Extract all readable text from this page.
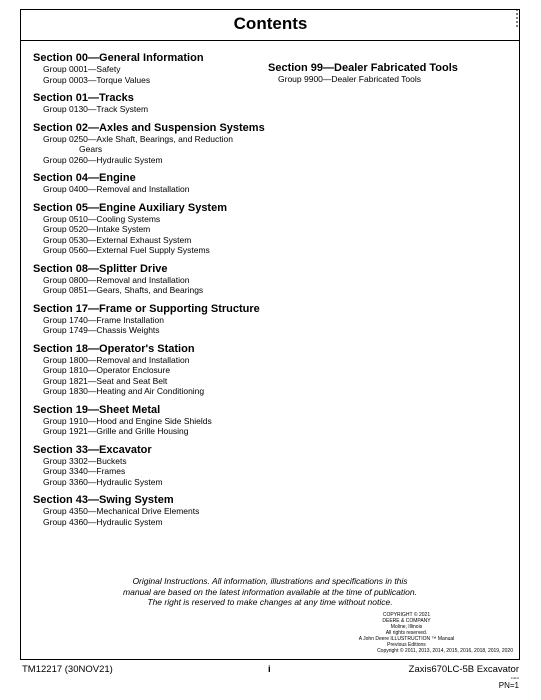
Contents
Section 00—General Information
Group 0001—Safety
Group 0003—Torque Values
Section 01—Tracks
Group 0130—Track System
Section 02—Axles and Suspension Systems
Group 0250—Axle Shaft, Bearings, and Reduction
Gears
Group 0260—Hydraulic System
Section 04—Engine
Group 0400—Removal and Installation
Section 05—Engine Auxiliary System
Group 0510—Cooling Systems
Group 0520—Intake System
Group 0530—External Exhaust System
Group 0560—External Fuel Supply Systems
Section 08—Splitter Drive
Group 0800—Removal and Installation
Group 0851—Gears, Shafts, and Bearings
Section 17—Frame or Supporting Structure
Group 1740—Frame Installation
Group 1749—Chassis Weights
Section 18—Operator's Station
Group 1800—Removal and Installation
Group 1810—Operator Enclosure
Group 1821—Seat and Seat Belt
Group 1830—Heating and Air Conditioning
Section 19—Sheet Metal
Group 1910—Hood and Engine Side Shields
Group 1921—Grille and Grille Housing
Section 33—Excavator
Group 3302—Buckets
Group 3340—Frames
Group 3360—Hydraulic System
Section 43—Swing System
Group 4350—Mechanical Drive Elements
Group 4360—Hydraulic System
Section 99—Dealer Fabricated Tools
Group 9900—Dealer Fabricated Tools
Original Instructions. All information, illustrations and specifications in this
manual are based on the latest information available at the time of publication.
The right is reserved to make changes at any time without notice.
COPYRIGHT © 2021
DEERE & COMPANY
Moline, Illinois
All rights reserved.
A John Deere ILLUSTRUCTION ™ Manual
Previous Editions
Copyright © 2011, 2013, 2014, 2015, 2016, 2018, 2019, 2020
TM12217 (30NOV21)	i	Zaxis670LC-5B Excavator
¹¹¹¹¹¹
PN=1
